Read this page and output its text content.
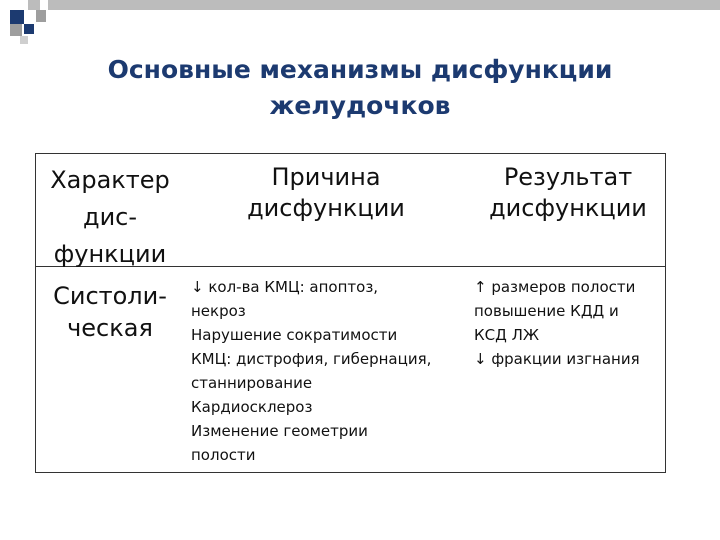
Основные механизмы дисфункции
желудочков
Характер
дис-
функции
Причина
дисфункции
Результат
дисфункции
Систоли-
ческая
↓ кол-ва КМЦ: апоптоз,
некроз
Нарушение сократимости
КМЦ: дистрофия, гибернация,
станнирование
Кардиосклероз
Изменение геометрии
полости
↑ размеров полости
повышение КДД и
КСД ЛЖ
↓ фракции изгнания
